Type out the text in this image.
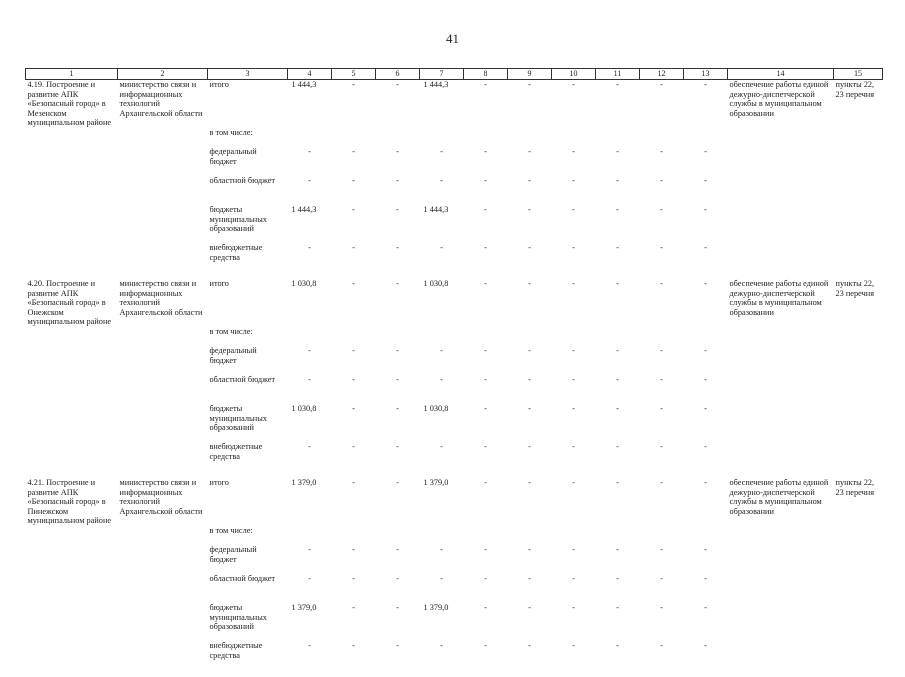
41
1	2	3	4	5	6	7	8	9	10	11	12	13	14	15
4.19. Построение и развитие АПК «Безопасный город» в Мезенском муниципальном районе	министерство связи и информационных технологий Архангельской области	итого	1 444,3	-	-	1 444,3	-	-	-	-	-	-	обеспечение работы единой дежурно-диспетчерской службы в муниципальном образовании	пункты 22, 23 перечня
		в том числе:												
		федеральный бюджет	-	-	-	-	-	-	-	-	-	-		
		областной бюджет	-	-	-	-	-	-	-	-	-	-		
		бюджеты муниципальных образований	1 444,3	-	-	1 444,3	-	-	-	-	-	-		
		внебюджетные средства	-	-	-	-	-	-	-	-	-	-		
4.20. Построение и развитие АПК «Безопасный город» в Онежском муниципальном районе	министерство связи и информационных технологий Архангельской области	итого	1 030,8	-	-	1 030,8	-	-	-	-	-	-	обеспечение работы единой дежурно-диспетчерской службы в муниципальном образовании	пункты 22, 23 перечня
		в том числе:												
		федеральный бюджет	-	-	-	-	-	-	-	-	-	-		
		областной бюджет	-	-	-	-	-	-	-	-	-	-		
		бюджеты муниципальных образований	1 030,8	-	-	1 030,8	-	-	-	-	-	-		
		внебюджетные средства	-	-	-	-	-	-	-	-	-	-		
4.21. Построение и развитие АПК «Безопасный город» в Пинежском муниципальном районе	министерство связи и информационных технологий Архангельской области	итого	1 379,0	-	-	1 379,0	-	-	-	-	-	-	обеспечение работы единой дежурно-диспетчерской службы в муниципальном образовании	пункты 22, 23 перечня
		в том числе:												
		федеральный бюджет	-	-	-	-	-	-	-	-	-	-		
		областной бюджет	-	-	-	-	-	-	-	-	-	-		
		бюджеты муниципальных образований	1 379,0	-	-	1 379,0	-	-	-	-	-	-		
		внебюджетные средства	-	-	-	-	-	-	-	-	-	-		
